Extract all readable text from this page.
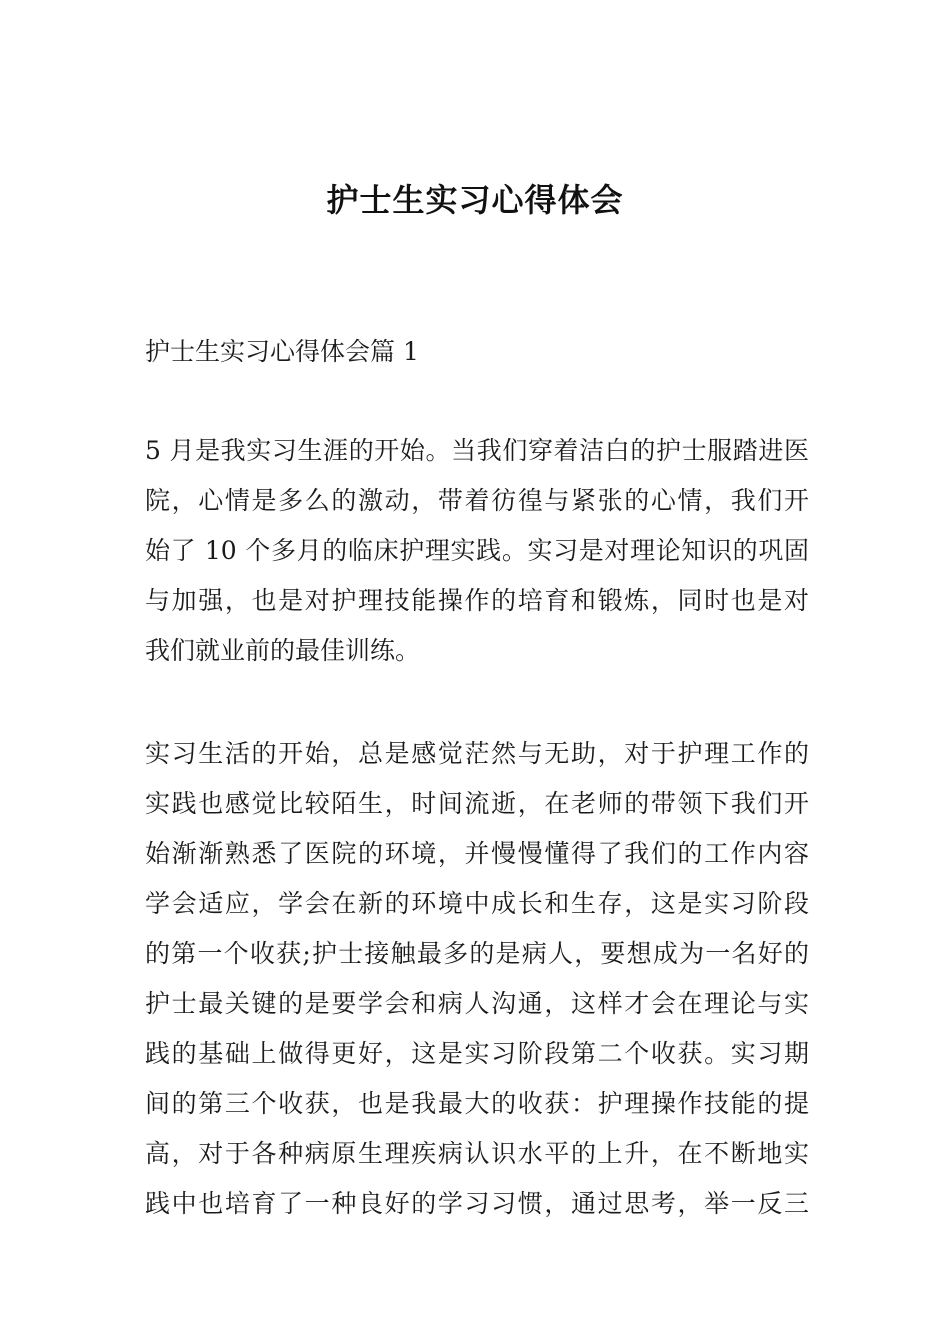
护士生实习心得体会

护士生实习心得体会篇 1

5 月是我实习生涯的开始。当我们穿着洁白的护士服踏进医
院，心情是多么的激动，带着彷徨与紧张的心情，我们开
始了 10 个多月的临床护理实践。实习是对理论知识的巩固
与加强，也是对护理技能操作的培育和锻炼，同时也是对
我们就业前的最佳训练。
实习生活的开始，总是感觉茫然与无助，对于护理工作的
实践也感觉比较陌生，时间流逝，在老师的带领下我们开
始渐渐熟悉了医院的环境，并慢慢懂得了我们的工作内容
学会适应，学会在新的环境中成长和生存，这是实习阶段
的第一个收获;护士接触最多的是病人，要想成为一名好的
护士最关键的是要学会和病人沟通，这样才会在理论与实
践的基础上做得更好，这是实习阶段第二个收获。实习期
间的第三个收获，也是我最大的收获：护理操作技能的提
高，对于各种病原生理疾病认识水平的上升，在不断地实
践中也培育了一种良好的学习习惯，通过思考，举一反三
